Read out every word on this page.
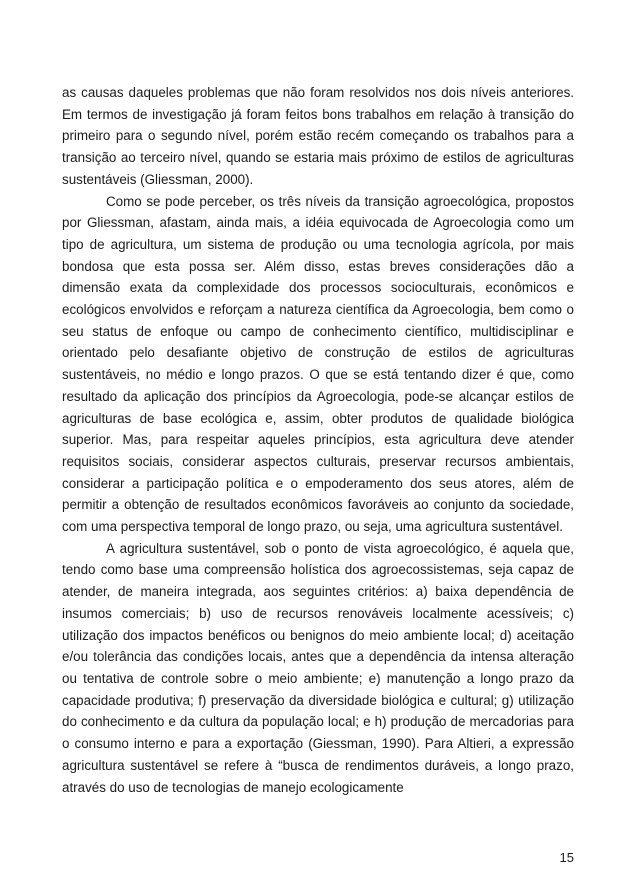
as causas daqueles problemas que não foram resolvidos nos dois níveis anteriores. Em termos de investigação já foram feitos bons trabalhos em relação à transição do primeiro para o segundo nível, porém estão recém começando os trabalhos para a transição ao terceiro nível, quando se estaria mais próximo de estilos de agriculturas sustentáveis (Gliessman, 2000).

Como se pode perceber, os três níveis da transição agroecológica, propostos por Gliessman, afastam, ainda mais, a idéia equivocada de Agroecologia como um tipo de agricultura, um sistema de produção ou uma tecnologia agrícola, por mais bondosa que esta possa ser. Além disso, estas breves considerações dão a dimensão exata da complexidade dos processos socioculturais, econômicos e ecológicos envolvidos e reforçam a natureza científica da Agroecologia, bem como o seu status de enfoque ou campo de conhecimento científico, multidisciplinar e orientado pelo desafiante objetivo de construção de estilos de agriculturas sustentáveis, no médio e longo prazos. O que se está tentando dizer é que, como resultado da aplicação dos princípios da Agroecologia, pode-se alcançar estilos de agriculturas de base ecológica e, assim, obter produtos de qualidade biológica superior. Mas, para respeitar aqueles princípios, esta agricultura deve atender requisitos sociais, considerar aspectos culturais, preservar recursos ambientais, considerar a participação política e o empoderamento dos seus atores, além de permitir a obtenção de resultados econômicos favoráveis ao conjunto da sociedade, com uma perspectiva temporal de longo prazo, ou seja, uma agricultura sustentável.

A agricultura sustentável, sob o ponto de vista agroecológico, é aquela que, tendo como base uma compreensão holística dos agroecossistemas, seja capaz de atender, de maneira integrada, aos seguintes critérios: a) baixa dependência de insumos comerciais; b) uso de recursos renováveis localmente acessíveis; c) utilização dos impactos benéficos ou benignos do meio ambiente local; d) aceitação e/ou tolerância das condições locais, antes que a dependência da intensa alteração ou tentativa de controle sobre o meio ambiente; e) manutenção a longo prazo da capacidade produtiva; f) preservação da diversidade biológica e cultural; g) utilização do conhecimento e da cultura da população local; e h) produção de mercadorias para o consumo interno e para a exportação (Giessman, 1990). Para Altieri, a expressão agricultura sustentável se refere à “busca de rendimentos duráveis, a longo prazo, através do uso de tecnologias de manejo ecologicamente

15
